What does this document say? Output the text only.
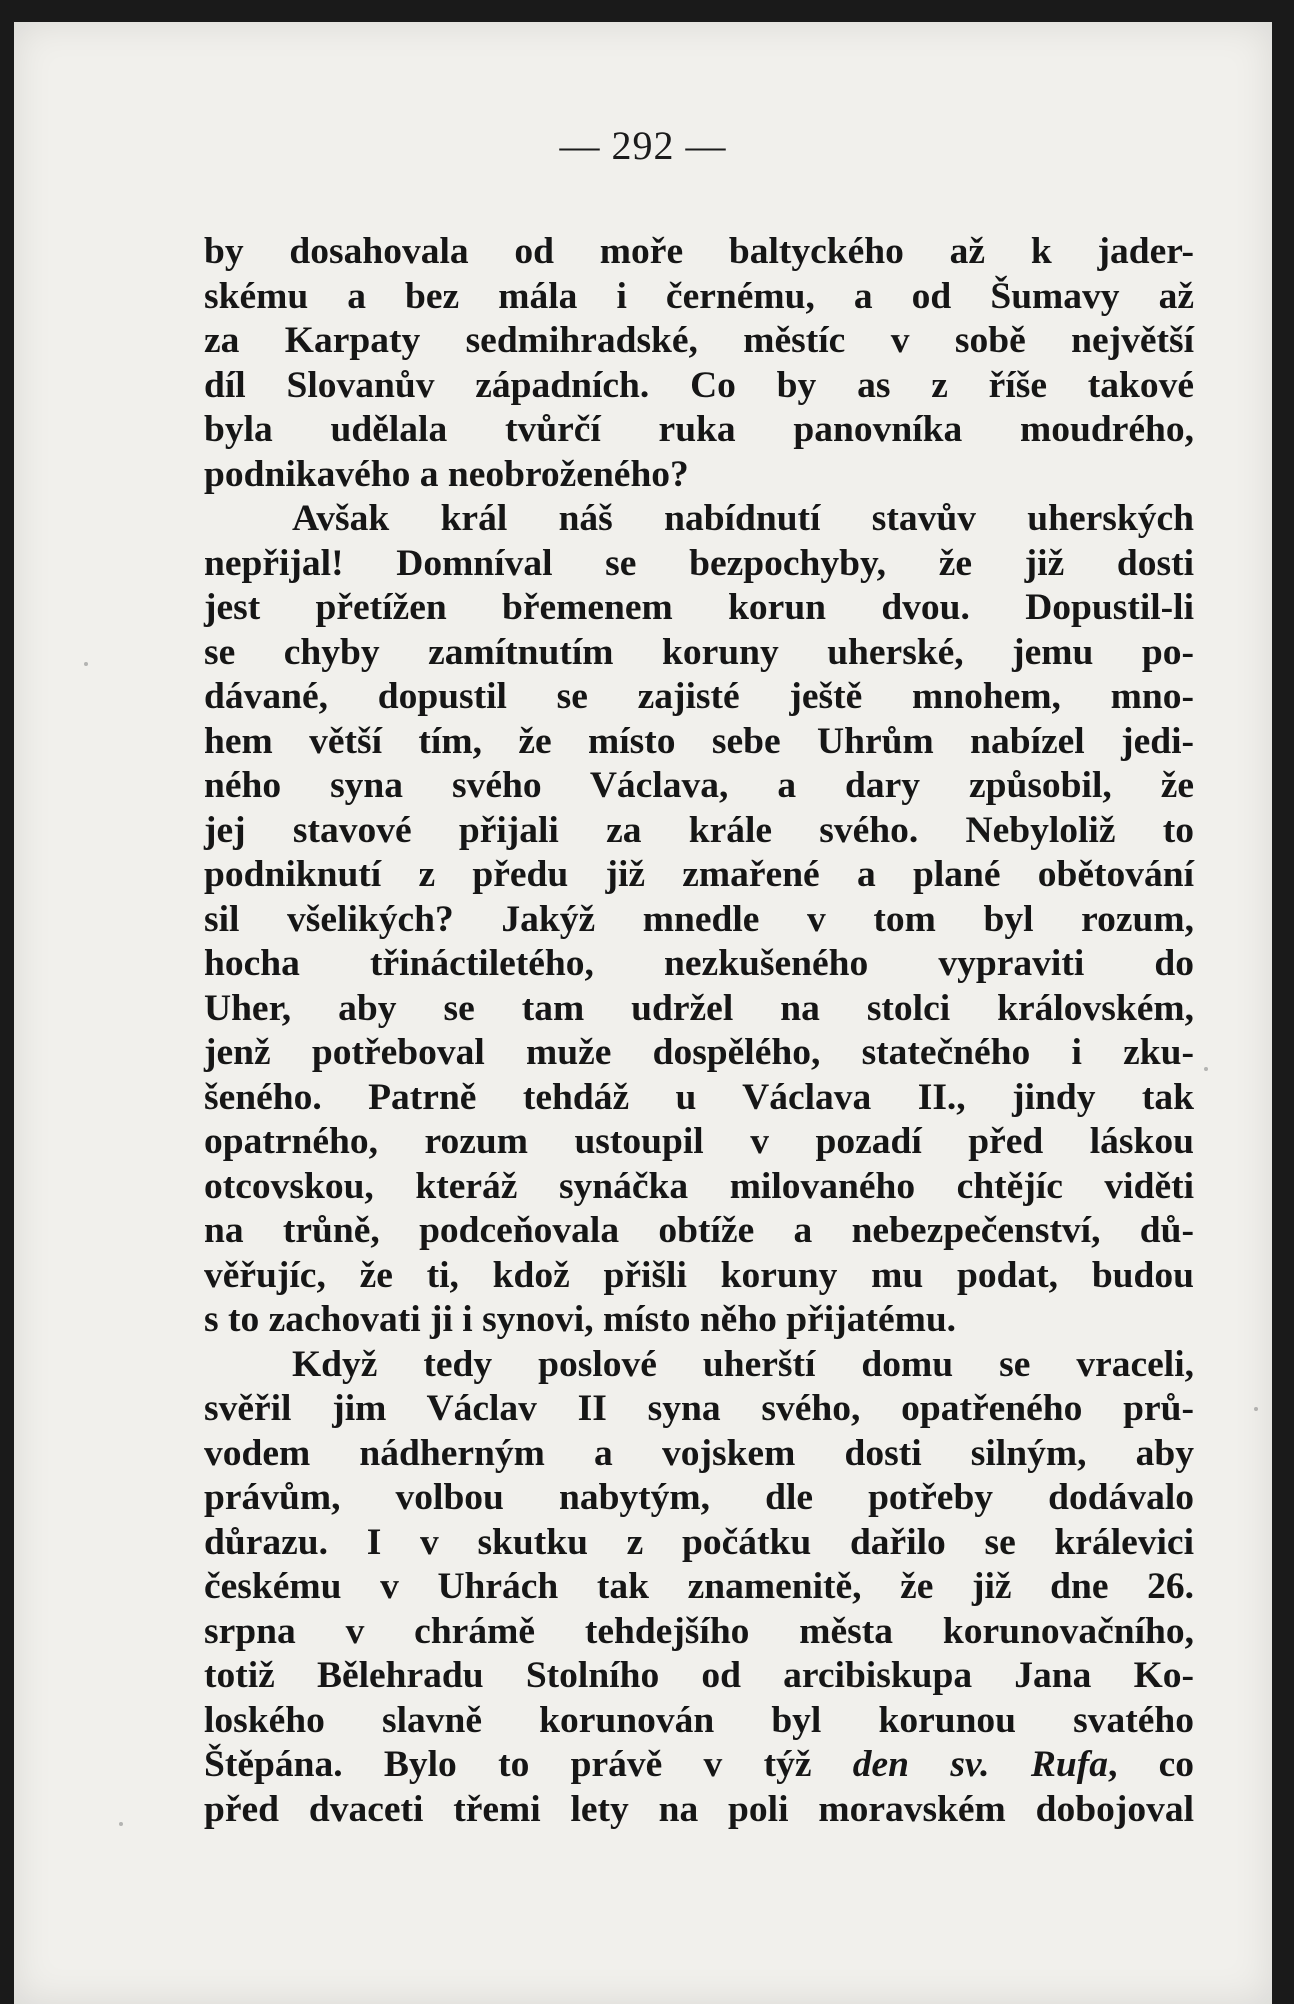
— 292 —

by dosahovala od moře baltyckého až k jader-
skému a bez mála i černému, a od Šumavy až
za Karpaty sedmihradské, městíc v sobě největší
díl Slovanův západních. Co by as z říše takové
byla udělala tvůrčí ruka panovníka moudrého,
podnikavého a neobroženého?

Avšak král náš nabídnutí stavův uherských
nepřijal! Domníval se bezpochyby, že již dosti
jest přetížen břemenem korun dvou. Dopustil-li
se chyby zamítnutím koruny uherské, jemu po-
dávané, dopustil se zajisté ještě mnohem, mno-
hem větší tím, že místo sebe Uhrům nabízel jedi-
ného syna svého Václava, a dary způsobil, že
jej stavové přijali za krále svého. Nebyloliž to
podniknutí z předu již zmařené a plané obětování
sil všelikých? Jakýž mnedle v tom byl rozum,
hocha třináctiletého, nezkušeného vypraviti do
Uher, aby se tam udržel na stolci královském,
jenž potřeboval muže dospělého, statečného i zku-
šeného. Patrně tehdáž u Václava II., jindy tak
opatrného, rozum ustoupil v pozadí před láskou
otcovskou, kteráž synáčka milovaného chtějíc viděti
na trůně, podceňovala obtíže a nebezpečenství, dů-
věřujíc, že ti, kdož přišli koruny mu podat, budou
s to zachovati ji i synovi, místo něho přijatému.

Když tedy poslové uherští domu se vraceli,
svěřil jim Václav II syna svého, opatřeného prů-
vodem nádherným a vojskem dosti silným, aby
právům, volbou nabytým, dle potřeby dodávalo
důrazu. I v skutku z počátku dařilo se králevici
českému v Uhrách tak znamenitě, že již dne 26.
srpna v chrámě tehdejšího města korunovačního,
totiž Bělehradu Stolního od arcibiskupa Jana Ko-
loského slavně korunován byl korunou svatého
Štěpána. Bylo to právě v týž den sv. Rufa, co
před dvaceti třemi lety na poli moravském dobojoval
